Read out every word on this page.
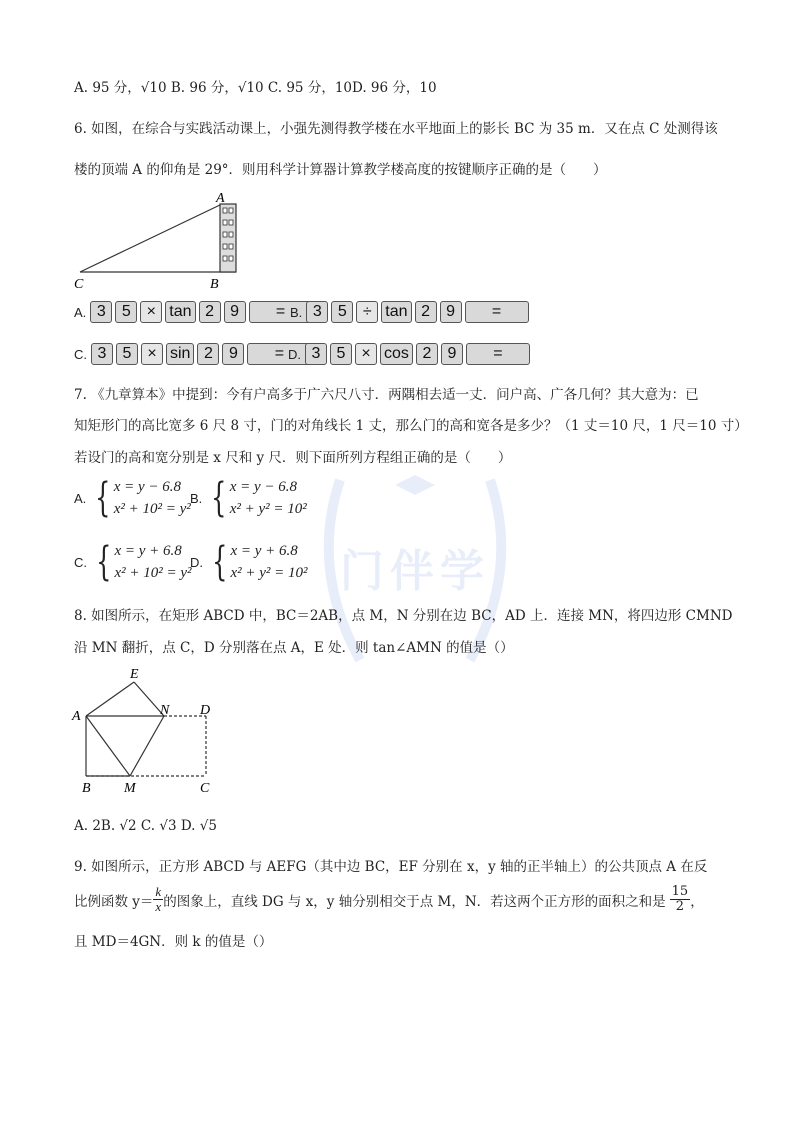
门伴学
A. 95 分，√10 B. 96 分，√10 C. 95 分，10D. 96 分，10
6. 如图，在综合与实践活动课上，小强先测得教学楼在水平地面上的影长 BC 为 35 m．又在点 C 处测得该
楼的顶端 A 的仰角是 29°．则用科学计算器计算教学楼高度的按键顺序正确的是（　　）
A
C	B
A. 3	5 × tan 2	9	= B. 3	5	÷ tan 2	9	=
C. 3	5 × sin 2	9	= D. 3	5 × cos 2	9	=
7. 《九章算本》中提到：今有户高多于广六尺八寸．两隅相去适一丈．问户高、广各几何？其大意为：已
知矩形门的高比宽多 6 尺 8 寸，门的对角线长 1 丈，那么门的高和宽各是多少？（1 丈＝10 尺，1 尺＝10 寸）
若设门的高和宽分别是 x 尺和 y 尺．则下面所列方程组正确的是（　　）
A. { x = y − 6.8
x² + 10² = y²
B. { x = y − 6.8
x² + y² = 10²
C. { x = y + 6.8
x² + 10² = y²
D. { x = y + 6.8
x² + y² = 10²
8. 如图所示，在矩形 ABCD 中，BC＝2AB，点 M，N 分别在边 BC，AD 上．连接 MN，将四边形 CMND
沿 MN 翻折，点 C，D 分别落在点 A，E 处．则 tan∠AMN 的值是（）
A
E
N D
B M	C
A. 2B. √2 C. √3 D. √5
9. 如图所示，正方形 ABCD 与 AEFG（其中边 BC，EF 分别在 x，y 轴的正半轴上）的公共顶点 A 在反
比例函数 $y= \frac{k}{x}$ 的图象上，直线 DG 与 x，y 轴分别相交于点 M，N．若这两个正方形的面积之和是 $\frac{15}{2}$ ，
且 MD＝4GN．则 k 的值是（）
